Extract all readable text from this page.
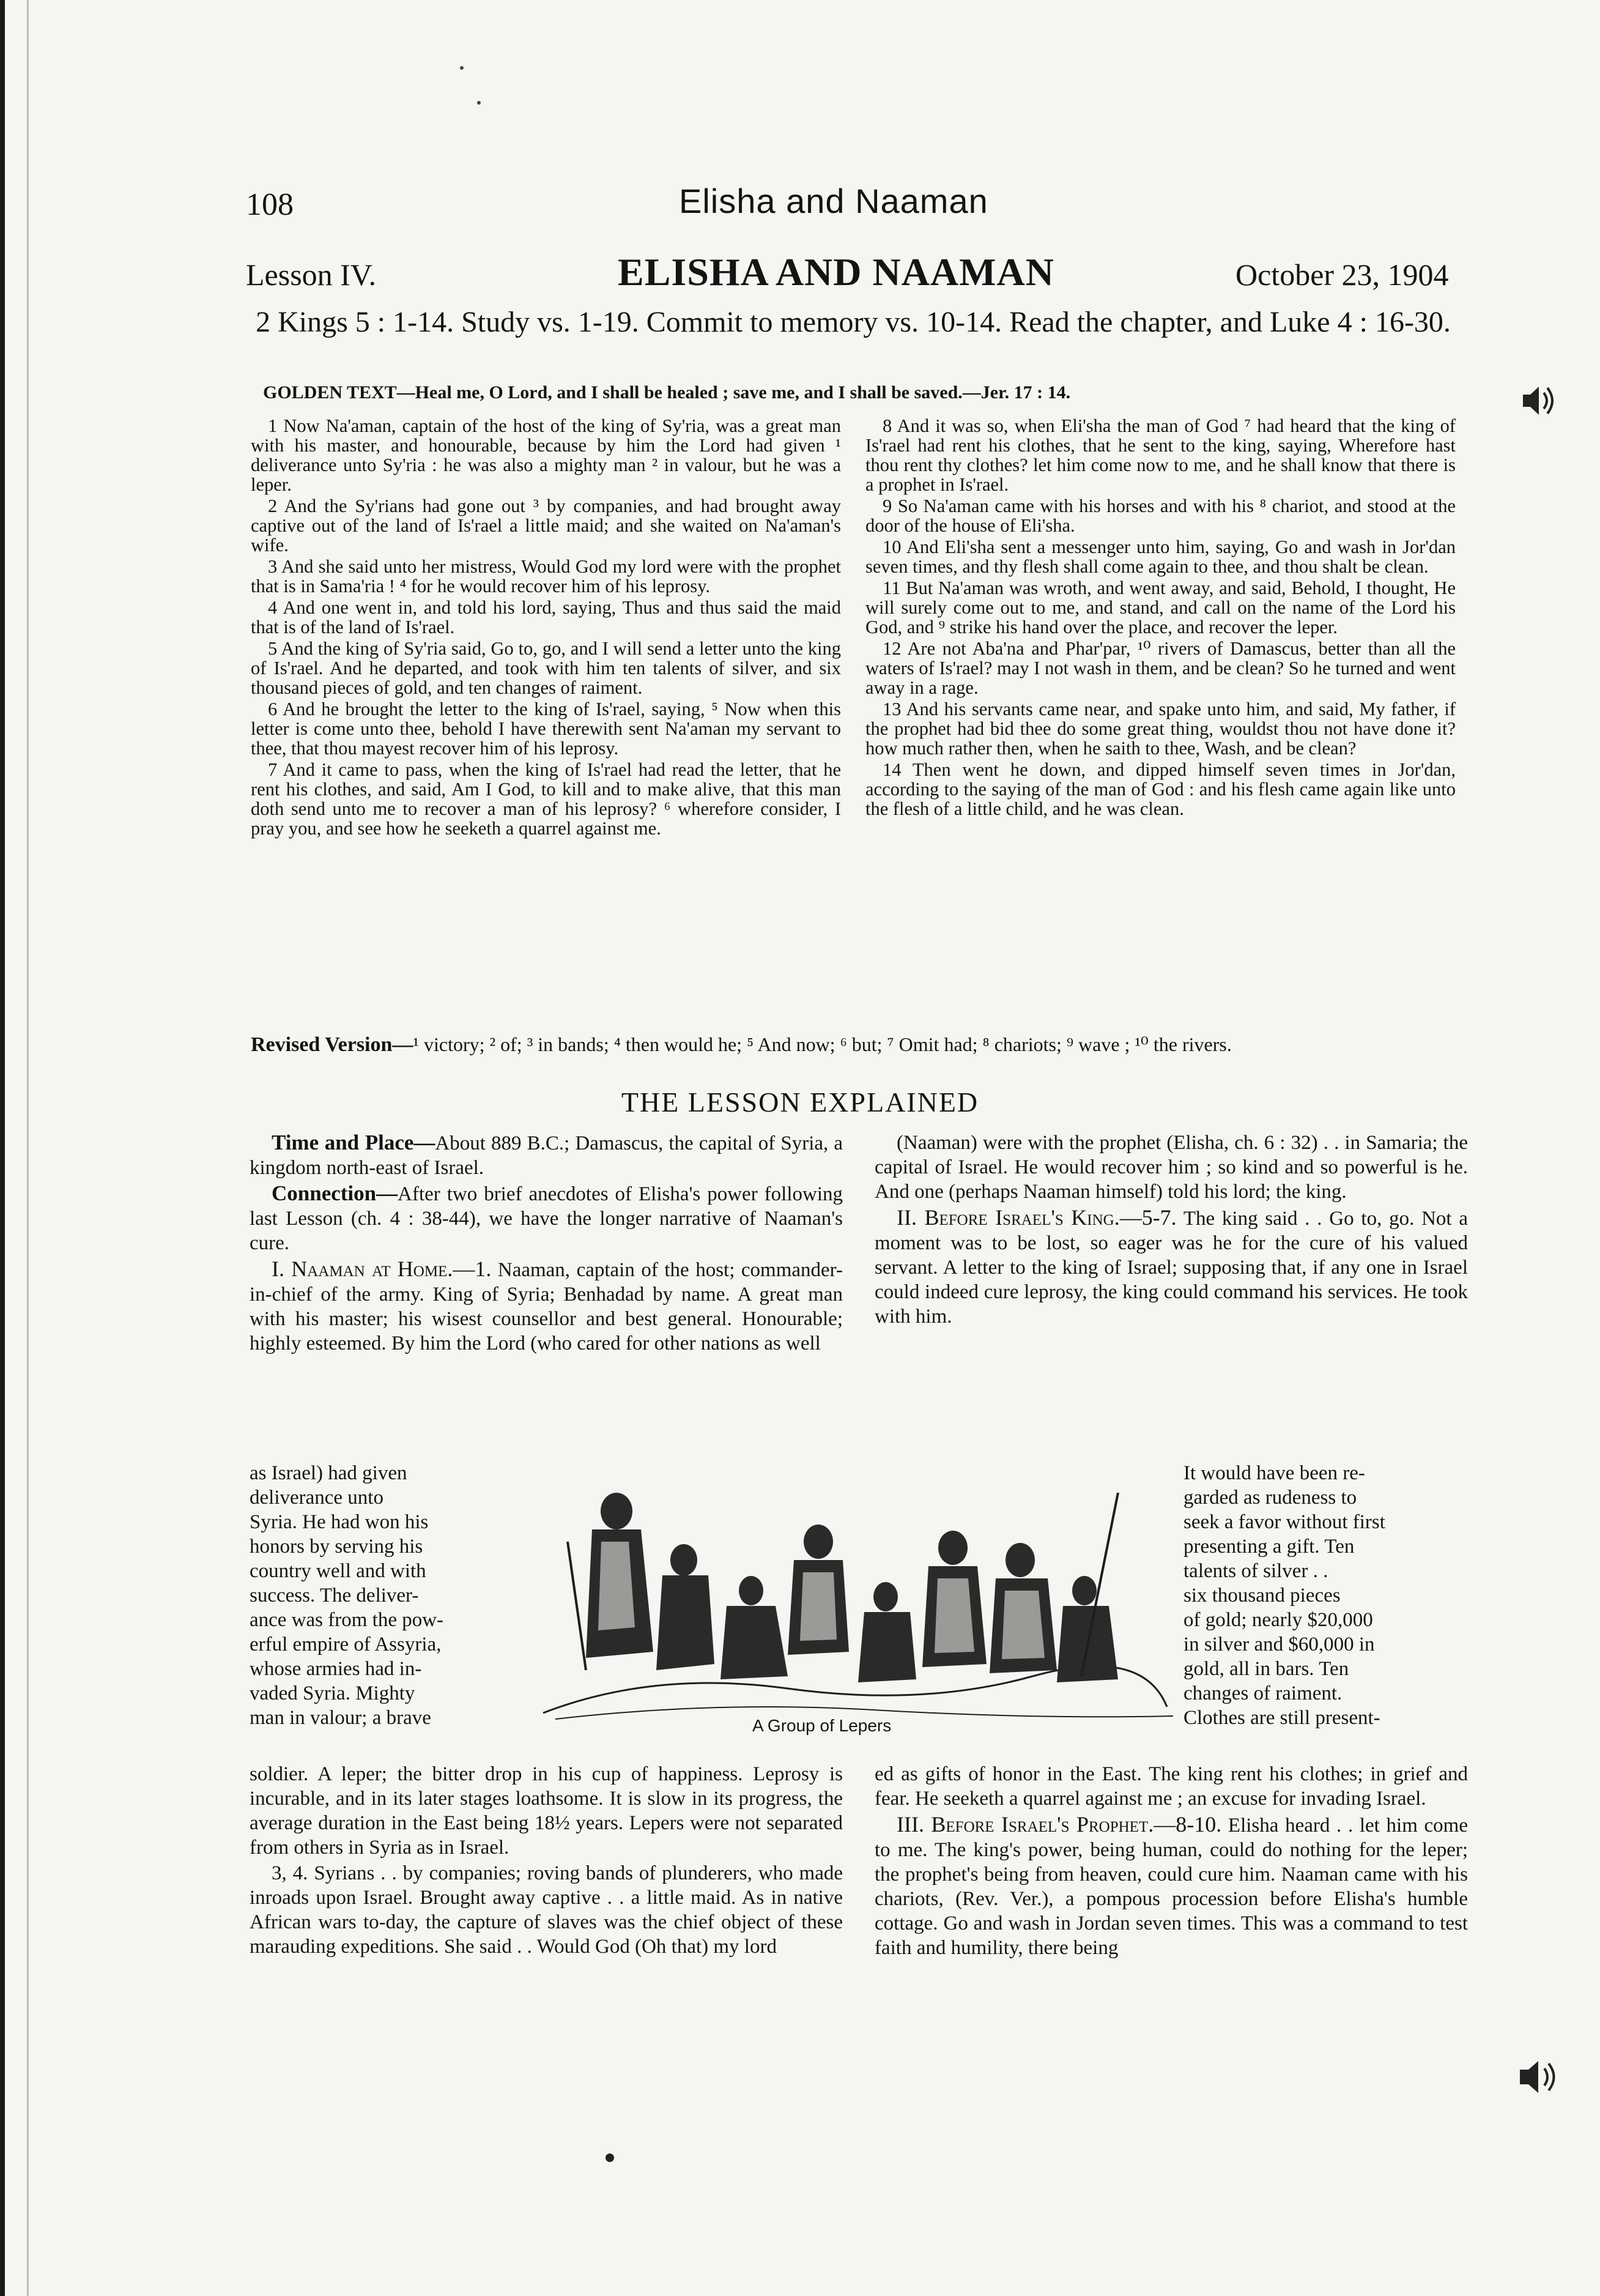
108	Elisha and Naaman
Lesson IV.	ELISHA AND NAAMAN	October 23, 1904
2 Kings 5 : 1-14. Study vs. 1-19. Commit to memory vs. 10-14. Read the chapter, and Luke 4 : 16-30.
GOLDEN TEXT—Heal me, O Lord, and I shall be healed ; save me, and I shall be saved.—Jer. 17 : 14.

1 Now Na'aman, captain of the host of the king of Sy'ria, was a great man with his master, and honourable, because by him the Lord had given ¹ deliverance unto Sy'ria : he was also a mighty man ² in valour, but he was a leper.

2 And the Sy'rians had gone out ³ by companies, and had brought away captive out of the land of Is'rael a little maid; and she waited on Na'aman's wife.

3 And she said unto her mistress, Would God my lord were with the prophet that is in Sama'ria ! ⁴ for he would recover him of his leprosy.

4 And one went in, and told his lord, saying, Thus and thus said the maid that is of the land of Is'rael.

5 And the king of Sy'ria said, Go to, go, and I will send a letter unto the king of Is'rael. And he departed, and took with him ten talents of silver, and six thousand pieces of gold, and ten changes of raiment.

6 And he brought the letter to the king of Is'rael, saying, ⁵ Now when this letter is come unto thee, behold I have therewith sent Na'aman my servant to thee, that thou mayest recover him of his leprosy.

7 And it came to pass, when the king of Is'rael had read the letter, that he rent his clothes, and said, Am I God, to kill and to make alive, that this man doth send unto me to recover a man of his leprosy? ⁶ wherefore consider, I pray you, and see how he seeketh a quarrel against me.

8 And it was so, when Eli'sha the man of God ⁷ had heard that the king of Is'rael had rent his clothes, that he sent to the king, saying, Wherefore hast thou rent thy clothes? let him come now to me, and he shall know that there is a prophet in Is'rael.

9 So Na'aman came with his horses and with his ⁸ chariot, and stood at the door of the house of Eli'sha.

10 And Eli'sha sent a messenger unto him, saying, Go and wash in Jor'dan seven times, and thy flesh shall come again to thee, and thou shalt be clean.

11 But Na'aman was wroth, and went away, and said, Behold, I thought, He will surely come out to me, and stand, and call on the name of the Lord his God, and ⁹ strike his hand over the place, and recover the leper.

12 Are not Aba'na and Phar'par, ¹⁰ rivers of Damascus, better than all the waters of Is'rael? may I not wash in them, and be clean? So he turned and went away in a rage.

13 And his servants came near, and spake unto him, and said, My father, if the prophet had bid thee do some great thing, wouldst thou not have done it? how much rather then, when he saith to thee, Wash, and be clean?

14 Then went he down, and dipped himself seven times in Jor'dan, according to the saying of the man of God : and his flesh came again like unto the flesh of a little child, and he was clean.

Revised Version—¹ victory; ² of; ³ in bands; ⁴ then would he; ⁵ And now; ⁶ but; ⁷ Omit had; ⁸ chariots; ⁹ wave ; ¹⁰ the rivers.
THE LESSON EXPLAINED

Time and Place—About 889 B.C.; Damascus, the capital of Syria, a kingdom north-east of Israel.

Connection—After two brief anecdotes of Elisha's power following last Lesson (ch. 4 : 38-44), we have the longer narrative of Naaman's cure.

I. Naaman at Home.—1. Naaman, captain of the host; commander-in-chief of the army. King of Syria; Benhadad by name. A great man with his master; his wisest counsellor and best general. Honourable; highly esteemed. By him the Lord (who cared for other nations as well

as Israel) had given
deliverance unto
Syria. He had won his
honors by serving his
country well and with
success. The deliver-
ance was from the pow-
erful empire of Assyria,
whose armies had in-
vaded Syria. Mighty
man in valour; a brave

(Naaman) were with the prophet (Elisha, ch. 6 : 32) . . in Samaria; the capital of Israel. He would recover him ; so kind and so powerful is he. And one (perhaps Naaman himself) told his lord; the king.

II. Before Israel's King.—5-7. The king said . . Go to, go. Not a moment was to be lost, so eager was he for the cure of his valued servant. A letter to the king of Israel; supposing that, if any one in Israel could indeed cure leprosy, the king could command his services. He took with him.

It would have been re-
garded as rudeness to
seek a favor without first
presenting a gift. Ten
talents of silver . .
six thousand pieces
of gold; nearly $20,000
in silver and $60,000 in
gold, all in bars. Ten
changes of raiment.
Clothes are still present-
A Group of Lepers

soldier. A leper; the bitter drop in his cup of happiness. Leprosy is incurable, and in its later stages loathsome. It is slow in its progress, the average duration in the East being 18½ years. Lepers were not separated from others in Syria as in Israel.

3, 4. Syrians . . by companies; roving bands of plunderers, who made inroads upon Israel. Brought away captive . . a little maid. As in native African wars to-day, the capture of slaves was the chief object of these marauding expeditions. She said . . Would God (Oh that) my lord

ed as gifts of honor in the East. The king rent his clothes; in grief and fear. He seeketh a quarrel against me ; an excuse for invading Israel.

III. Before Israel's Prophet.—8-10. Elisha heard . . let him come to me. The king's power, being human, could do nothing for the leper; the prophet's being from heaven, could cure him. Naaman came with his chariots, (Rev. Ver.), a pompous procession before Elisha's humble cottage. Go and wash in Jordan seven times. This was a command to test faith and humility, there being
